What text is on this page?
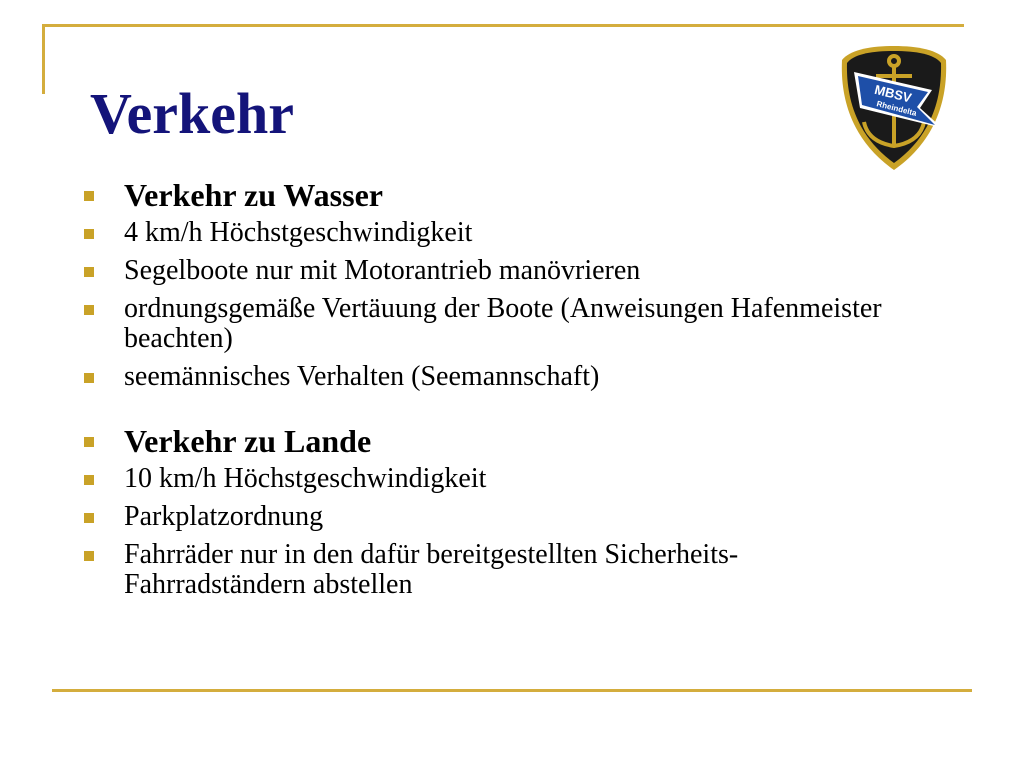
Verkehr	MBSV
Rheindelta
Verkehr zu Wasser
4 km/h Höchstgeschwindigkeit
Segelboote nur mit Motorantrieb manövrieren
ordnungsgemäße Vertäuung der Boote (Anweisungen Hafenmeister beachten)
seemännisches Verhalten (Seemannschaft)
Verkehr zu Lande
10 km/h Höchstgeschwindigkeit
Parkplatzordnung
Fahrräder nur in den dafür bereitgestellten Sicherheits-Fahrradständern abstellen
